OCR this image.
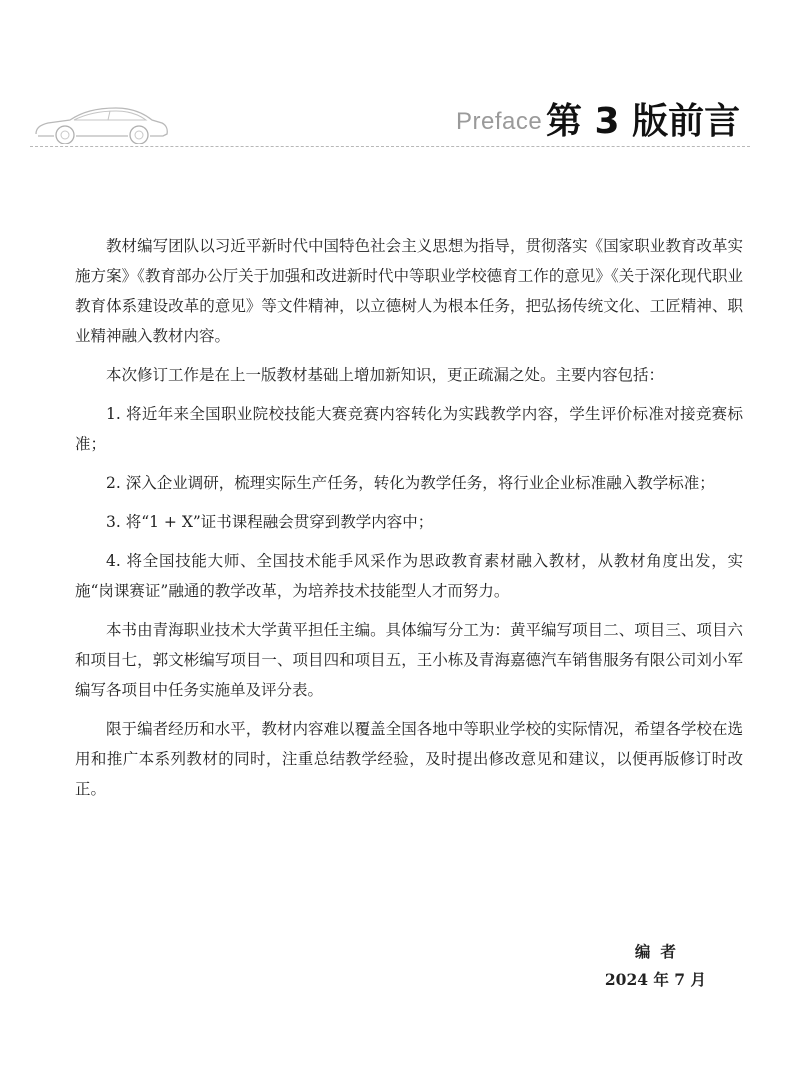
Preface 第 3 版前言

教材编写团队以习近平新时代中国特色社会主义思想为指导，贯彻落实《国家职业教育改革实施方案》《教育部办公厅关于加强和改进新时代中等职业学校德育工作的意见》《关于深化现代职业教育体系建设改革的意见》等文件精神，以立德树人为根本任务，把弘扬传统文化、工匠精神、职业精神融入教材内容。

本次修订工作是在上一版教材基础上增加新知识，更正疏漏之处。主要内容包括：

1. 将近年来全国职业院校技能大赛竞赛内容转化为实践教学内容，学生评价标准对接竞赛标准；

2. 深入企业调研，梳理实际生产任务，转化为教学任务，将行业企业标准融入教学标准；

3. 将“1 + X”证书课程融会贯穿到教学内容中；

4. 将全国技能大师、全国技术能手风采作为思政教育素材融入教材，从教材角度出发，实施“岗课赛证”融通的教学改革，为培养技术技能型人才而努力。

本书由青海职业技术大学黄平担任主编。具体编写分工为：黄平编写项目二、项目三、项目六和项目七，郭文彬编写项目一、项目四和项目五，王小栋及青海嘉德汽车销售服务有限公司刘小军编写各项目中任务实施单及评分表。

限于编者经历和水平，教材内容难以覆盖全国各地中等职业学校的实际情况，希望各学校在选用和推广本系列教材的同时，注重总结教学经验，及时提出修改意见和建议，以便再版修订时改正。

编者
2024 年 7 月
